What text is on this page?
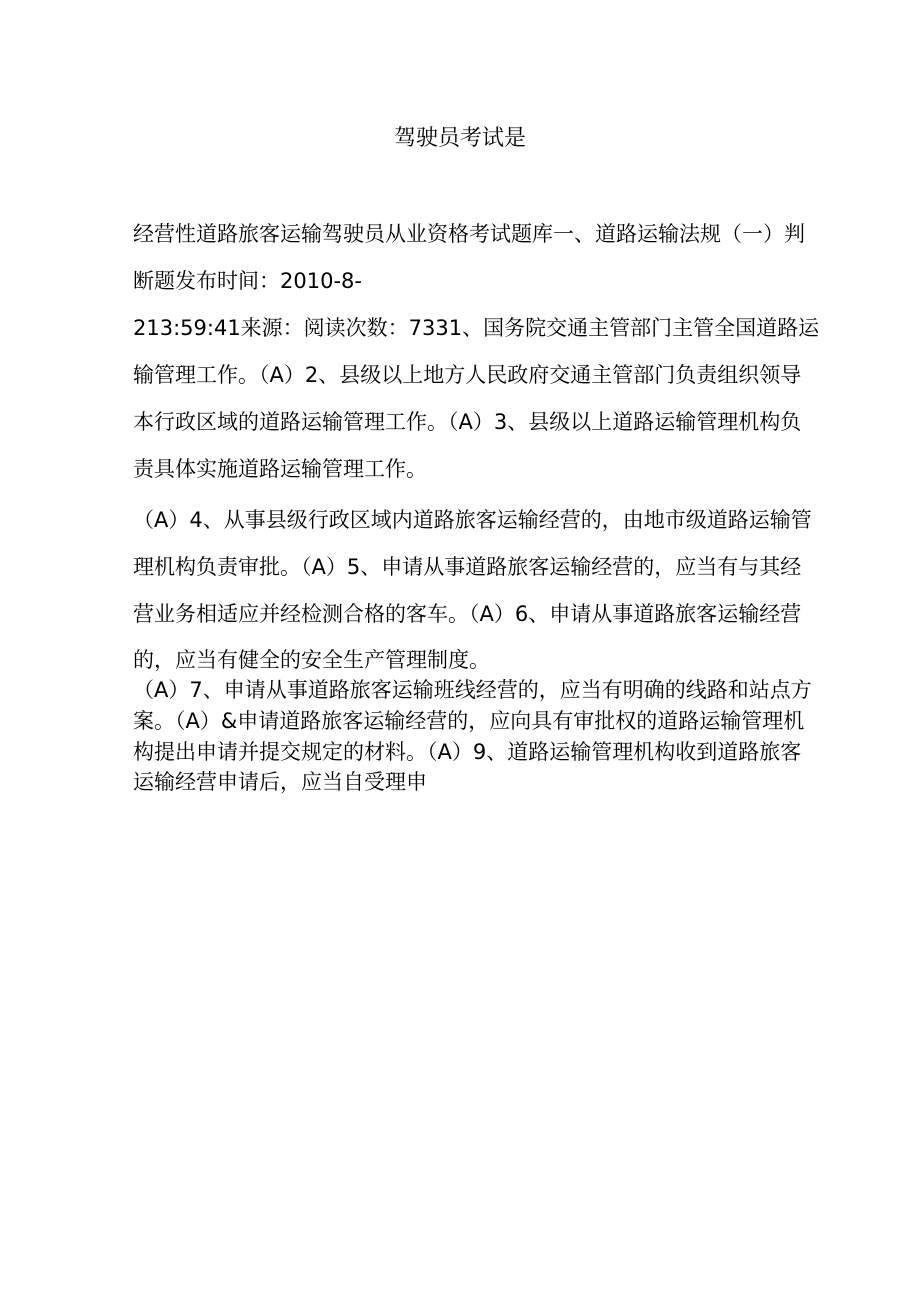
驾驶员考试是
经营性道路旅客运输驾驶员从业资格考试题库一、道路运输法规（一）判
断题发布时间：2010-8-
213:59:41来源：阅读次数：7331、国务院交通主管部门主管全国道路运
输管理工作。（A）2、县级以上地方人民政府交通主管部门负责组织领导
本行政区域的道路运输管理工作。（A）3、县级以上道路运输管理机构负
责具体实施道路运输管理工作。
（A）4、从事县级行政区域内道路旅客运输经营的，由地市级道路运输管
理机构负责审批。（A）5、申请从事道路旅客运输经营的，应当有与其经
营业务相适应并经检测合格的客车。（A）6、申请从事道路旅客运输经营
的，应当有健全的安全生产管理制度。
（A）7、申请从事道路旅客运输班线经营的，应当有明确的线路和站点方
案。（A）&申请道路旅客运输经营的，应向具有审批权的道路运输管理机
构提出申请并提交规定的材料。（A）9、道路运输管理机构收到道路旅客
运输经营申请后，应当自受理申
